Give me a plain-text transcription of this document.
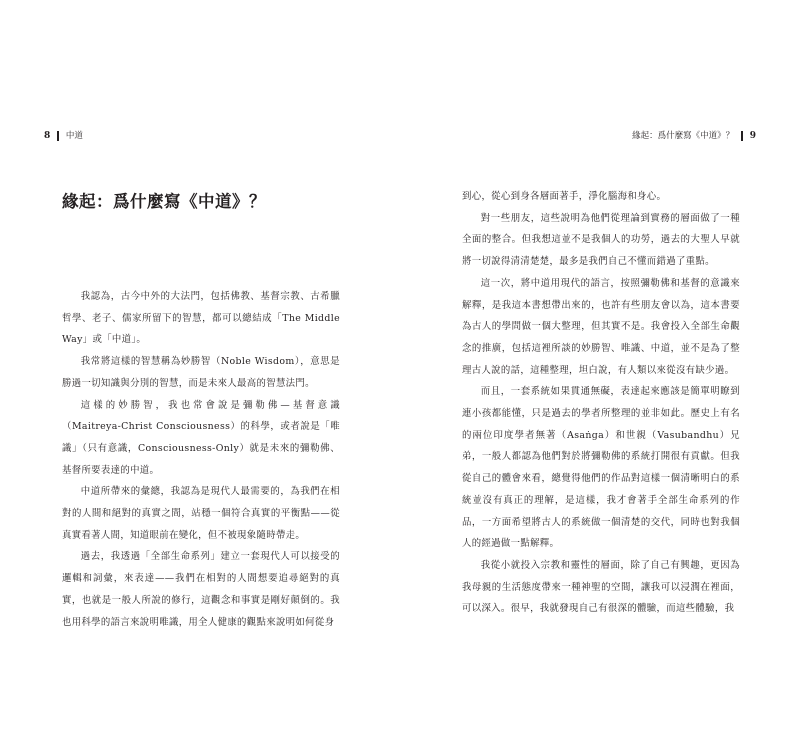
8 中道
緣起：爲什麼寫《中道》？

我認為，古今中外的大法門，包括佛教、基督宗教、古希臘哲學、老子、儒家所留下的智慧，都可以總結成「The Middle Way」或「中道」。

我常將這樣的智慧稱為妙勝智（Noble Wisdom），意思是勝過一切知識與分別的智慧，而是未來人最高的智慧法門。

這樣的妙勝智，我也常會說是彌勒佛—基督意識（Maitreya-Christ Consciousness）的科學，或者說是「唯識」（只有意識，Consciousness-Only）就是未來的彌勒佛、基督所要表達的中道。

中道所帶來的彙總，我認為是現代人最需要的，為我們在相對的人間和絕對的真實之間，站穩一個符合真實的平衡點——從真實看著人間，知道眼前在變化，但不被現象隨時帶走。

過去，我透過「全部生命系列」建立一套現代人可以接受的邏輯和詞彙，來表達——我們在相對的人間想要追尋絕對的真實，也就是一般人所說的修行，這觀念和事實是剛好顛倒的。我也用科學的語言來說明唯識，用全人健康的觀點來說明如何從身

緣起：爲什麼寫《中道》？ 9

到心，從心到身各層面著手，淨化腦海和身心。

對一些朋友，這些說明為他們從理論到實務的層面做了一種全面的整合。但我想這並不是我個人的功勞，過去的大聖人早就將一切說得清清楚楚，最多是我們自己不懂而錯過了重點。

這一次，將中道用現代的語言，按照彌勒佛和基督的意識來解釋，是我這本書想帶出來的，也許有些朋友會以為，這本書要為古人的學問做一個大整理，但其實不是。我會投入全部生命觀念的推廣，包括這裡所談的妙勝智、唯識、中道，並不是為了整理古人說的話，這種整理，坦白說，有人類以來從沒有缺少過。

而且，一套系統如果貫通無礙，表達起來應該是簡單明瞭到連小孩都能懂，只是過去的學者所整理的並非如此。歷史上有名的兩位印度學者無著（Asaṅga）和世親（Vasubandhu）兄弟，一般人都認為他們對於將彌勒佛的系統打開很有貢獻。但我從自己的體會來看，總覺得他們的作品對這樣一個清晰明白的系統並沒有真正的理解，是這樣，我才會著手全部生命系列的作品，一方面希望將古人的系統做一個清楚的交代，同時也對我個人的經過做一點解釋。

我從小就投入宗教和靈性的層面，除了自己有興趣，更因為我母親的生活態度帶來一種神聖的空間，讓我可以浸潤在裡面，可以深入。很早，我就發現自己有很深的體驗，而這些體驗，我
